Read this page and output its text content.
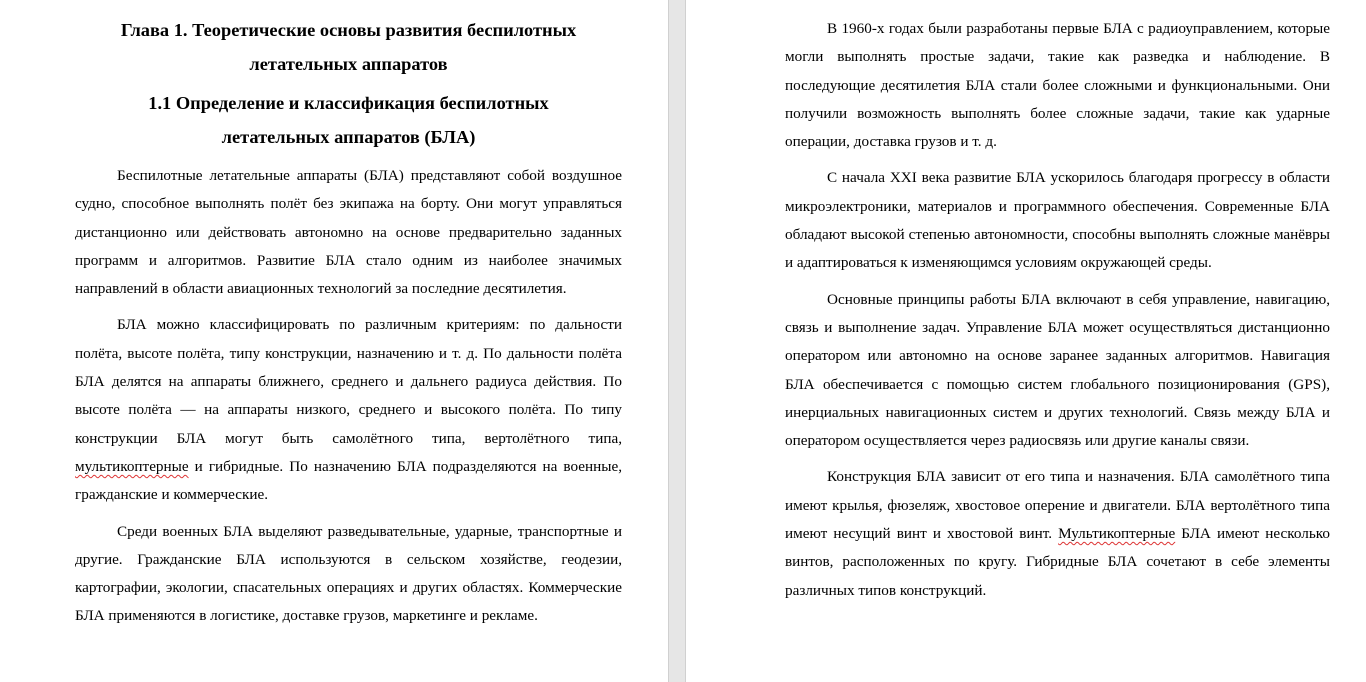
Глава 1. Теоретические основы развития беспилотных
летательных аппаратов
1.1 Определение и классификация беспилотных
летательных аппаратов (БЛА)

Беспилотные летательные аппараты (БЛА) представляют собой воздушное судно, способное выполнять полёт без экипажа на борту. Они могут управляться дистанционно или действовать автономно на основе предварительно заданных программ и алгоритмов. Развитие БЛА стало одним из наиболее значимых направлений в области авиационных технологий за последние десятилетия.

БЛА можно классифицировать по различным критериям: по дальности полёта, высоте полёта, типу конструкции, назначению и т. д. По дальности полёта БЛА делятся на аппараты ближнего, среднего и дальнего радиуса действия. По высоте полёта — на аппараты низкого, среднего и высокого полёта. По типу конструкции БЛА могут быть самолётного типа, вертолётного типа, мультикоптерные и гибридные. По назначению БЛА подразделяются на военные, гражданские и коммерческие.

Среди военных БЛА выделяют разведывательные, ударные, транспортные и другие. Гражданские БЛА используются в сельском хозяйстве, геодезии, картографии, экологии, спасательных операциях и других областях. Коммерческие БЛА применяются в логистике, доставке грузов, маркетинге и рекламе.

В 1960-х годах были разработаны первые БЛА с радиоуправлением, которые могли выполнять простые задачи, такие как разведка и наблюдение. В последующие десятилетия БЛА стали более сложными и функциональными. Они получили возможность выполнять более сложные задачи, такие как ударные операции, доставка грузов и т. д.

С начала XXI века развитие БЛА ускорилось благодаря прогрессу в области микроэлектроники, материалов и программного обеспечения. Современные БЛА обладают высокой степенью автономности, способны выполнять сложные манёвры и адаптироваться к изменяющимся условиям окружающей среды.

Основные принципы работы БЛА включают в себя управление, навигацию, связь и выполнение задач. Управление БЛА может осуществляться дистанционно оператором или автономно на основе заранее заданных алгоритмов. Навигация БЛА обеспечивается с помощью систем глобального позиционирования (GPS), инерциальных навигационных систем и других технологий. Связь между БЛА и оператором осуществляется через радиосвязь или другие каналы связи.

Конструкция БЛА зависит от его типа и назначения. БЛА самолётного типа имеют крылья, фюзеляж, хвостовое оперение и двигатели. БЛА вертолётного типа имеют несущий винт и хвостовой винт. Мультикоптерные БЛА имеют несколько винтов, расположенных по кругу. Гибридные БЛА сочетают в себе элементы различных типов конструкций.
